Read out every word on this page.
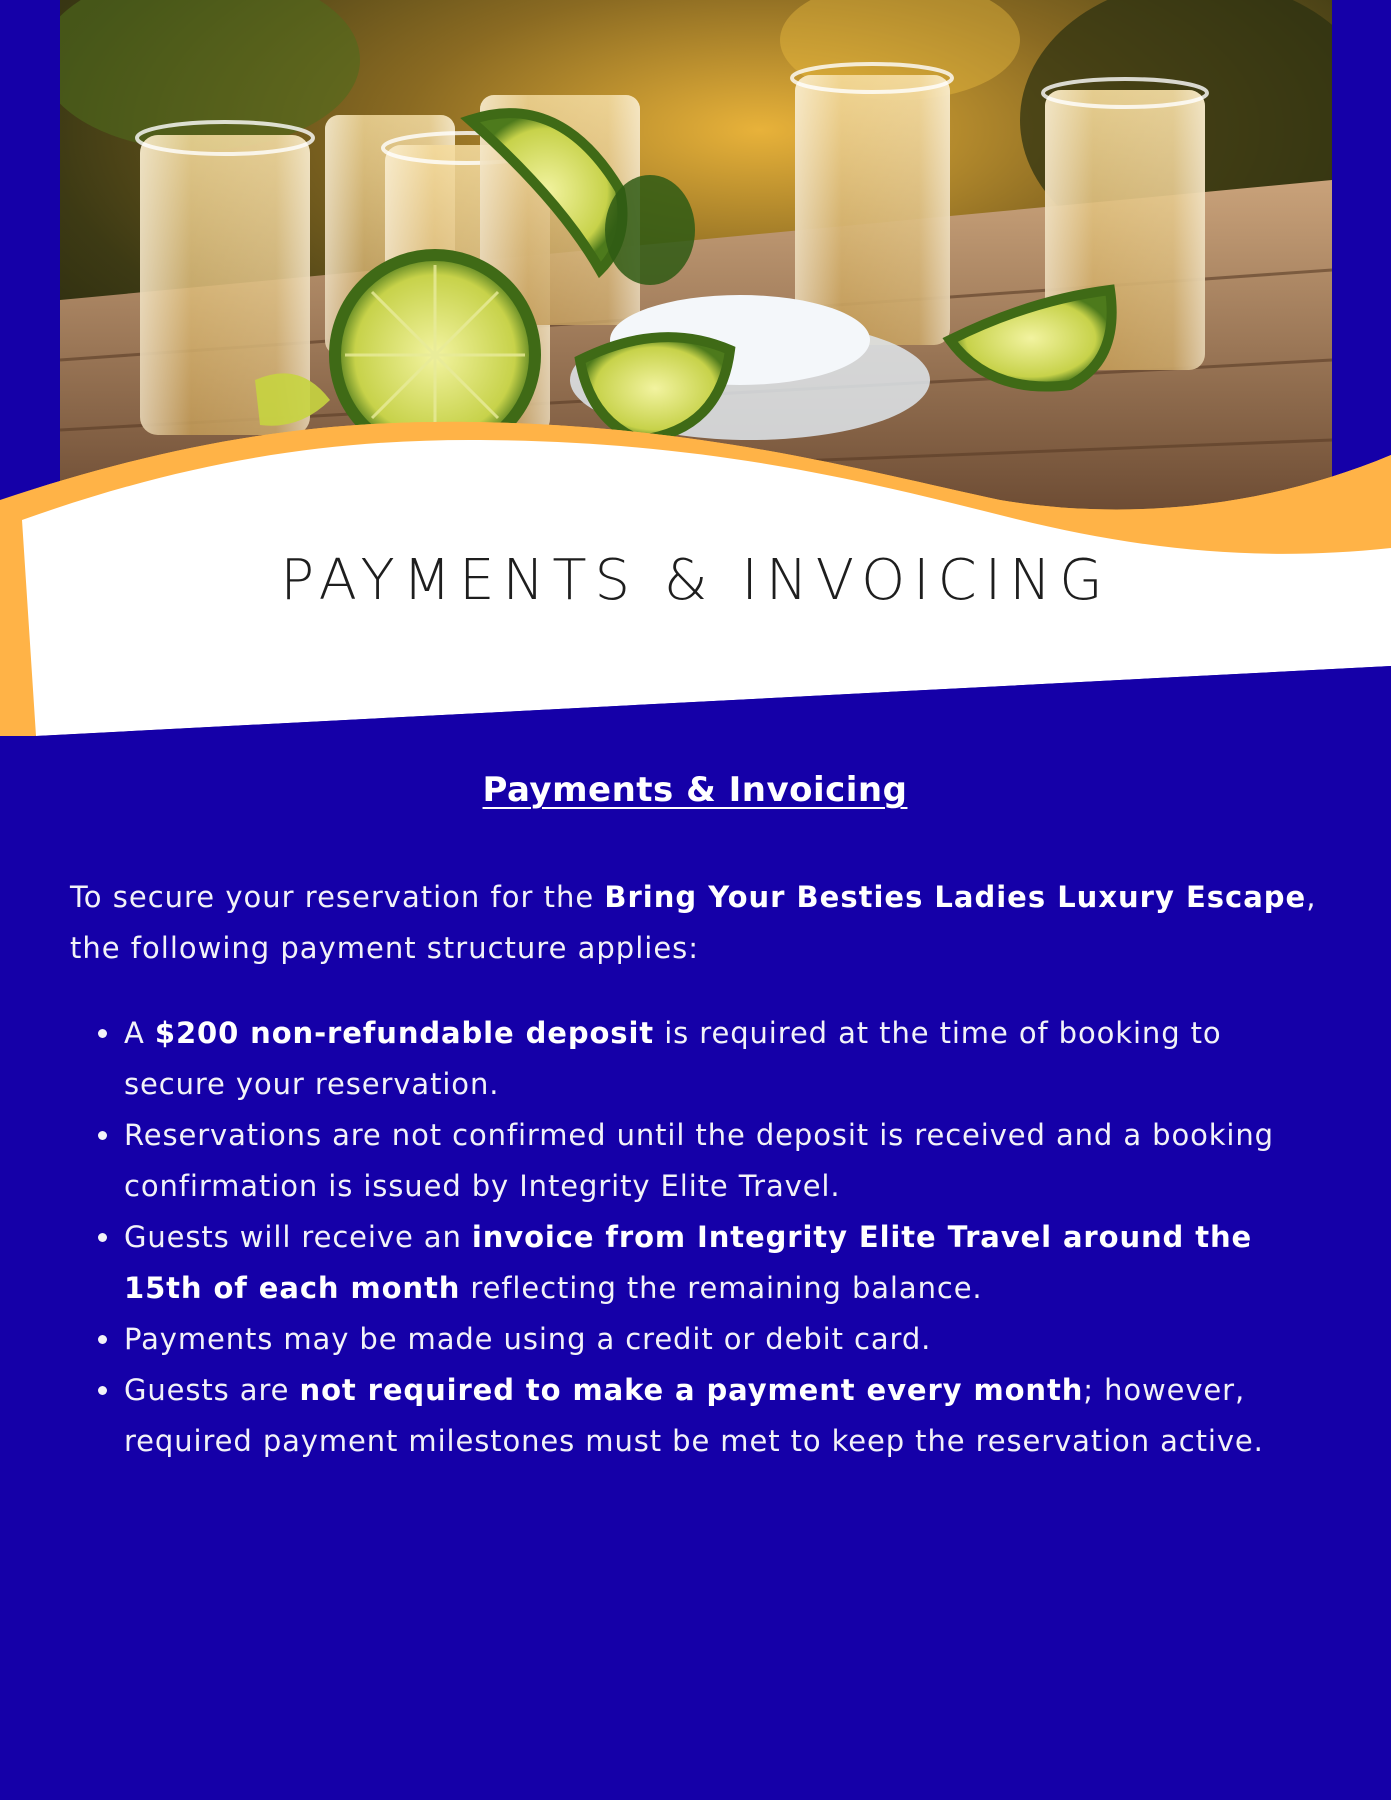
PAYMENTS & INVOICING
Payments & Invoicing

To secure your reservation for the Bring Your Besties Ladies Luxury Escape, the following payment structure applies:

A $200 non-refundable deposit is required at the time of booking to secure your reservation.
Reservations are not confirmed until the deposit is received and a booking confirmation is issued by Integrity Elite Travel.
Guests will receive an invoice from Integrity Elite Travel around the 15th of each month reflecting the remaining balance.
Payments may be made using a credit or debit card.
Guests are not required to make a payment every month; however, required payment milestones must be met to keep the reservation active.
